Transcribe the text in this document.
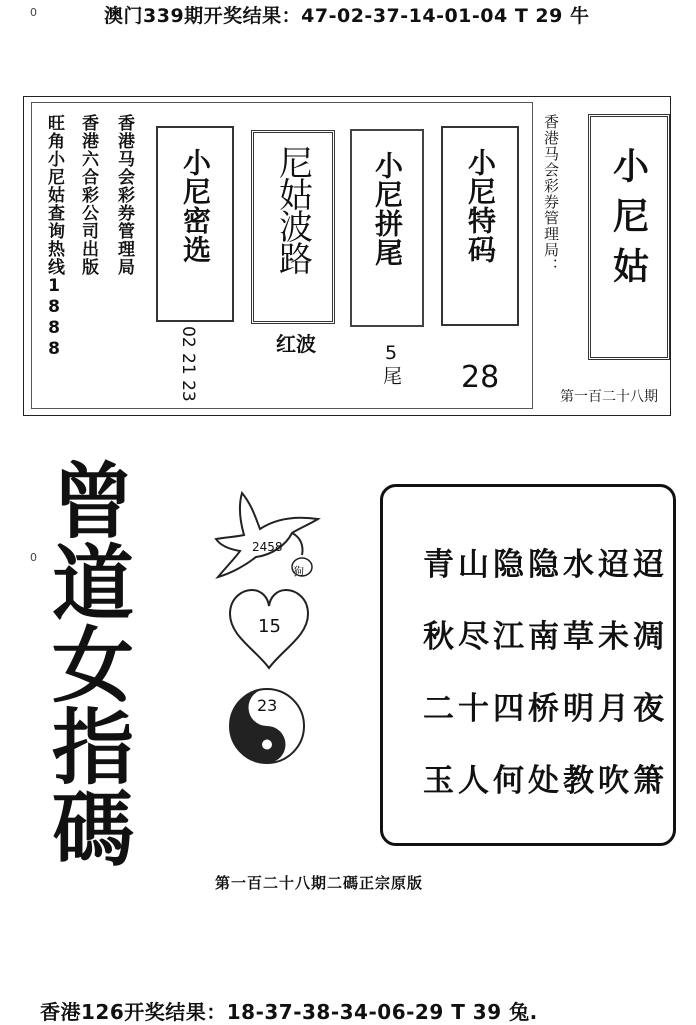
0	澳门339期开奖结果：47-02-37-14-01-04 T 29 牛
旺角小尼姑查询热线1888 香港六合彩公司出版 香港马会彩券管理局 小尼密选
02 21 23
尼姑波路
红波
小尼拼尾
5尾
小尼特码
28
香港马会彩券管理局： 小尼姑
第一百二十八期
0
曾
道
女
指
碼
2458
狗
15
23
青山隐隐水迢迢
秋尽江南草未凋
二十四桥明月夜
玉人何处教吹箫
第一百二十八期二碼正宗原版
香港126开奖结果：18-37-38-34-06-29 T 39 兔.
